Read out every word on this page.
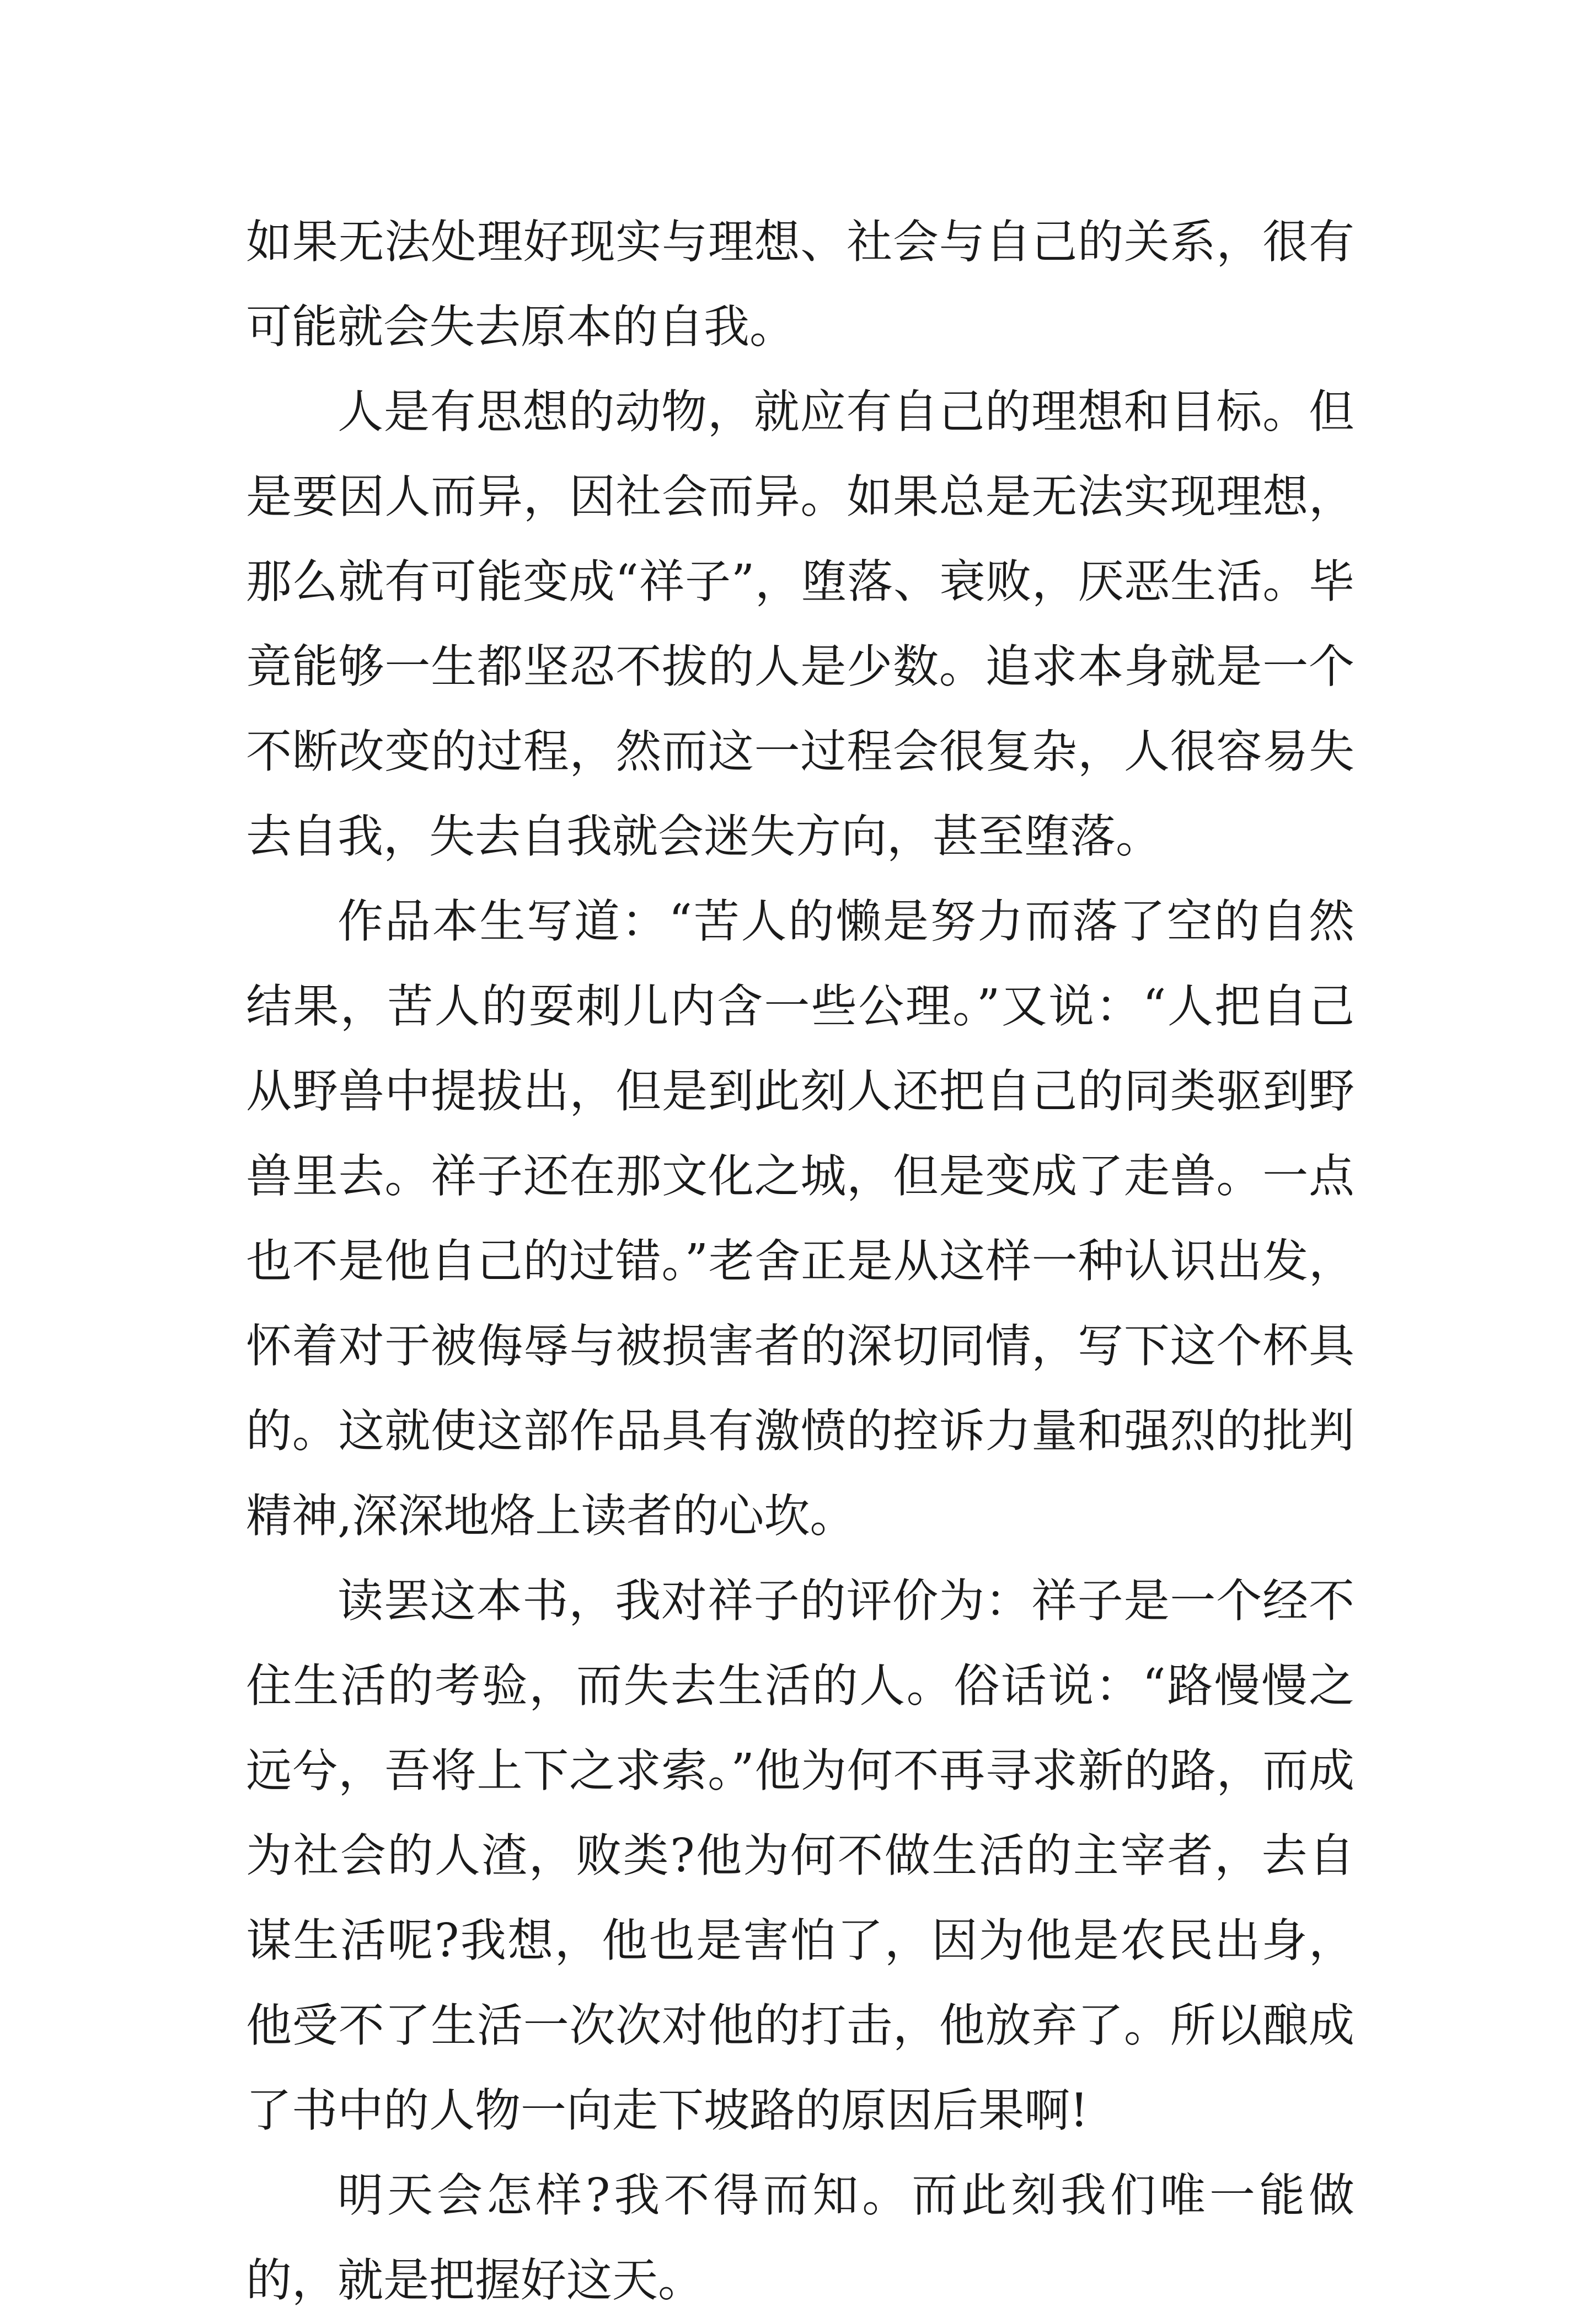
如果无法处理好现实与理想、社会与自己的关系，很有可能就会失去原本的自我。

人是有思想的动物，就应有自己的理想和目标。但是要因人而异，因社会而异。如果总是无法实现理想，那么就有可能变成“祥子”，堕落、衰败，厌恶生活。毕竟能够一生都坚忍不拔的人是少数。追求本身就是一个不断改变的过程，然而这一过程会很复杂，人很容易失去自我，失去自我就会迷失方向，甚至堕落。

作品本生写道：“苦人的懒是努力而落了空的自然结果，苦人的耍刺儿内含一些公理。”又说：“人把自己从野兽中提拔出，但是到此刻人还把自己的同类驱到野兽里去。祥子还在那文化之城，但是变成了走兽。一点也不是他自己的过错。”老舍正是从这样一种认识出发，怀着对于被侮辱与被损害者的深切同情，写下这个杯具的。这就使这部作品具有激愤的控诉力量和强烈的批判精神,深深地烙上读者的心坎。

读罢这本书，我对祥子的评价为：祥子是一个经不住生活的考验，而失去生活的人。俗话说：“路慢慢之远兮，吾将上下之求索。”他为何不再寻求新的路，而成为社会的人渣，败类?他为何不做生活的主宰者，去自谋生活呢?我想，他也是害怕了，因为他是农民出身，他受不了生活一次次对他的打击，他放弃了。所以酿成了书中的人物一向走下坡路的原因后果啊!

明天会怎样?我不得而知。而此刻我们唯一能做的，就是把握好这天。
